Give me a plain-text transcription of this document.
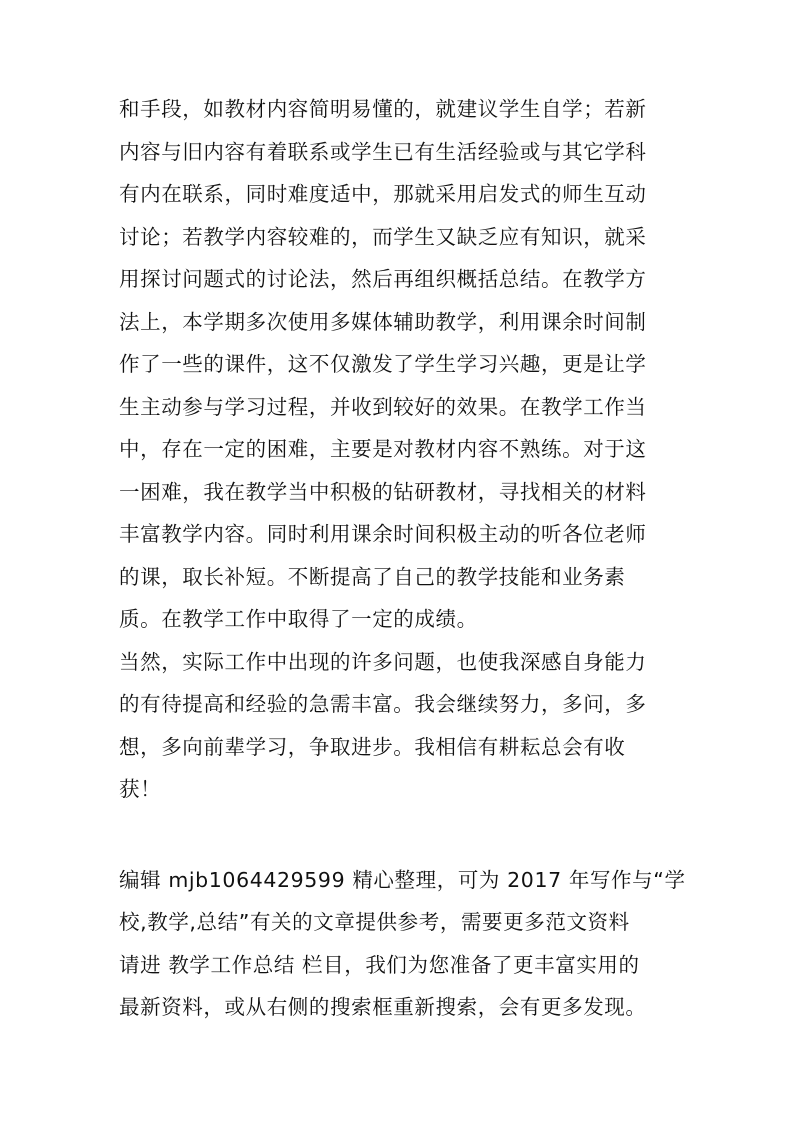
和手段，如教材内容简明易懂的，就建议学生自学；若新
内容与旧内容有着联系或学生已有生活经验或与其它学科
有内在联系，同时难度适中，那就采用启发式的师生互动
讨论；若教学内容较难的，而学生又缺乏应有知识，就采
用探讨问题式的讨论法，然后再组织概括总结。在教学方
法上，本学期多次使用多媒体辅助教学，利用课余时间制
作了一些的课件，这不仅激发了学生学习兴趣，更是让学
生主动参与学习过程，并收到较好的效果。在教学工作当
中，存在一定的困难，主要是对教材内容不熟练。对于这
一困难，我在教学当中积极的钻研教材，寻找相关的材料
丰富教学内容。同时利用课余时间积极主动的听各位老师
的课，取长补短。不断提高了自己的教学技能和业务素
质。在教学工作中取得了一定的成绩。
当然，实际工作中出现的许多问题，也使我深感自身能力
的有待提高和经验的急需丰富。我会继续努力，多问，多
想，多向前辈学习，争取进步。我相信有耕耘总会有收
获！
编辑 mjb1064429599 精心整理，可为 2017 年写作与“学
校,教学,总结”有关的文章提供参考，需要更多范文资料
请进 教学工作总结 栏目，我们为您准备了更丰富实用的
最新资料，或从右侧的搜索框重新搜索，会有更多发现。
